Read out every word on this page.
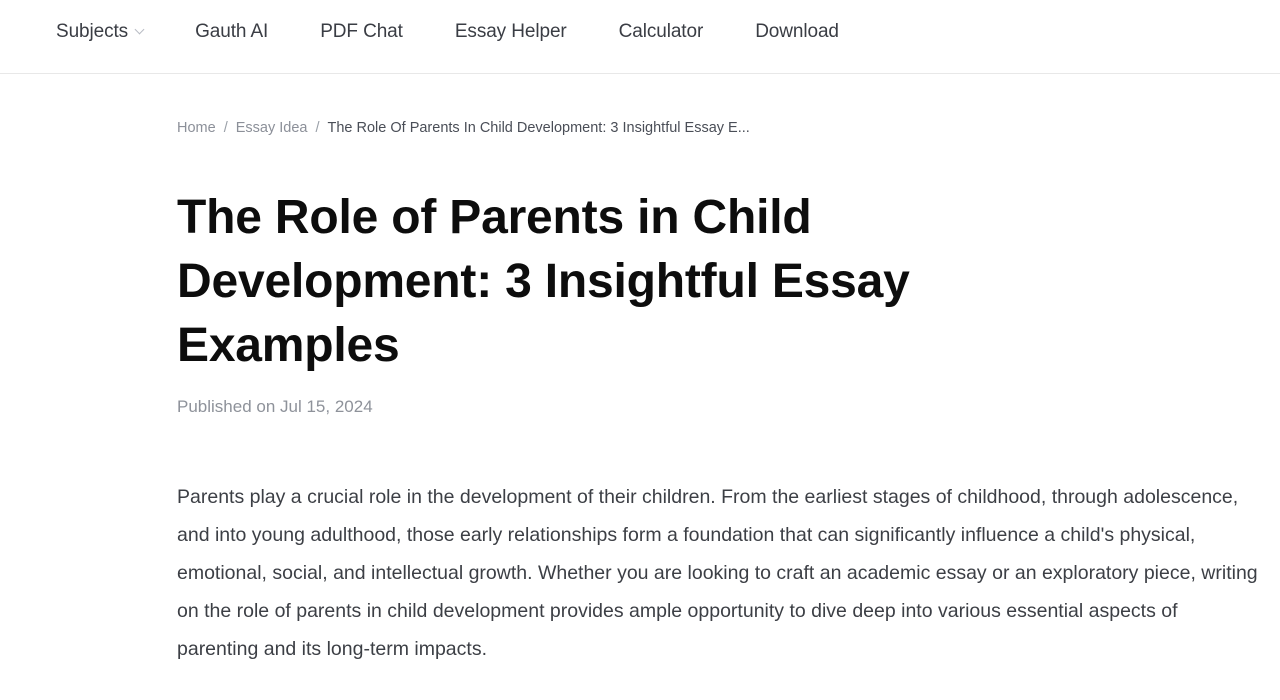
Subjects	Gauth AI	PDF Chat	Essay Helper	Calculator	Download
Home / Essay Idea / The Role Of Parents In Child Development: 3 Insightful Essay E...
The Role of Parents in Child Development: 3 Insightful Essay Examples
Published on Jul 15, 2024

Parents play a crucial role in the development of their children. From the earliest stages of childhood, through adolescence, and into young adulthood, those early relationships form a foundation that can significantly influence a child's physical, emotional, social, and intellectual growth. Whether you are looking to craft an academic essay or an exploratory piece, writing on the role of parents in child development provides ample opportunity to dive deep into various essential aspects of parenting and its long-term impacts.
